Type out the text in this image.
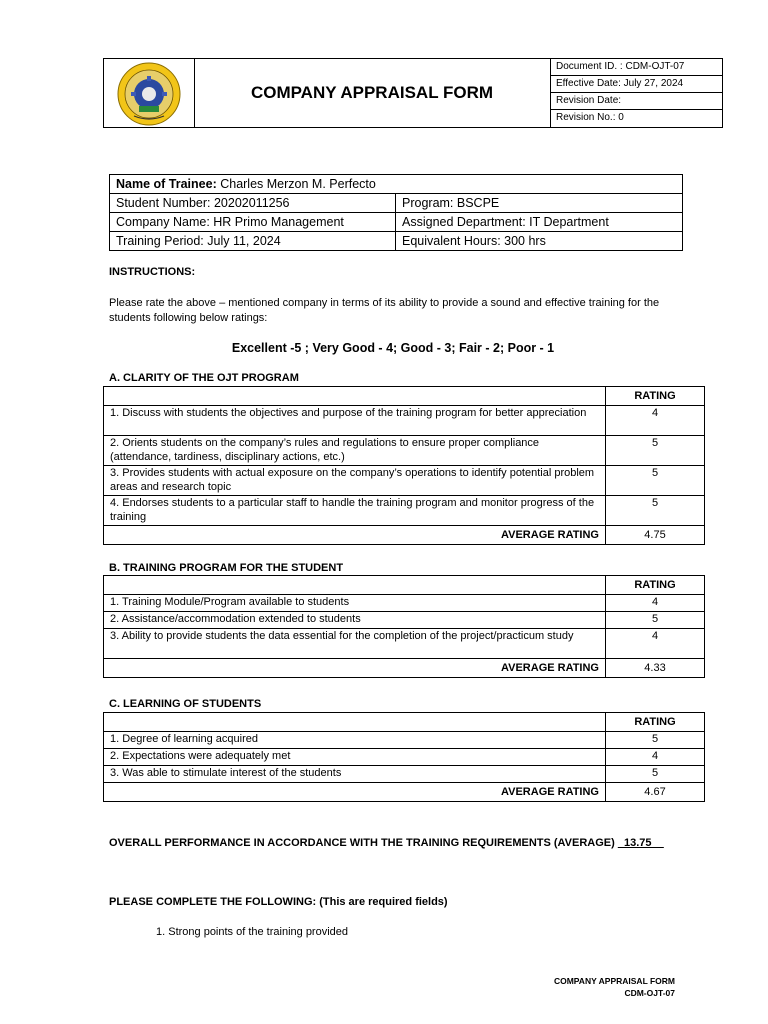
COMPANY APPRAISAL FORM
Document ID. : CDM-OJT-07
Effective Date: July 27, 2024
Revision Date:
Revision No.: 0
Name of Trainee: Charles Merzon M. Perfecto	
Student Number: 20202011256	Program: BSCPE
Company Name: HR Primo Management	Assigned Department: IT Department
Training Period: July 11, 2024	Equivalent Hours: 300 hrs
INSTRUCTIONS:
Please rate the above – mentioned company in terms of its ability to provide a sound and effective training for the students following below ratings:
Excellent -5 ; Very Good - 4; Good - 3; Fair - 2; Poor - 1
A. CLARITY OF THE OJT PROGRAM
	RATING
1. Discuss with students the objectives and purpose of the training program for better appreciation	4
2. Orients students on the company’s rules and regulations to ensure proper compliance (attendance, tardiness, disciplinary actions, etc.)	5
3. Provides students with actual exposure on the company’s operations to identify potential problem areas and research topic	5
4. Endorses students to a particular staff to handle the training program and monitor progress of the training	5
AVERAGE RATING	4.75
B. TRAINING PROGRAM FOR THE STUDENT
	RATING
1. Training Module/Program available to students	4
2. Assistance/accommodation extended to students	5
3. Ability to provide students the data essential for the completion of the project/practicum study	4
AVERAGE RATING	4.33
C. LEARNING OF STUDENTS
	RATING
1. Degree of learning acquired	5
2. Expectations were adequately met	4
3. Was able to stimulate interest of the students	5
AVERAGE RATING	4.67
OVERALL PERFORMANCE IN ACCORDANCE WITH THE TRAINING REQUIREMENTS (AVERAGE) _13.75__
PLEASE COMPLETE THE FOLLOWING: (This are required fields)
1. Strong points of the training provided
COMPANY APPRAISAL FORM
CDM-OJT-07
